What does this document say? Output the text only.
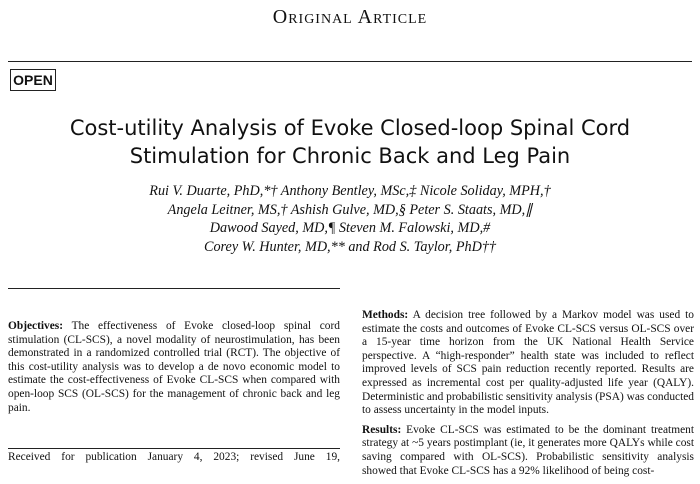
Original Article
OPEN
Cost-utility Analysis of Evoke Closed-loop Spinal Cord
Stimulation for Chronic Back and Leg Pain
Rui V. Duarte, PhD,*† Anthony Bentley, MSc,‡ Nicole Soliday, MPH,†
Angela Leitner, MS,† Ashish Gulve, MD,§ Peter S. Staats, MD,∥
Dawood Sayed, MD,¶ Steven M. Falowski, MD,#
Corey W. Hunter, MD,** and Rod S. Taylor, PhD††

Objectives: The effectiveness of Evoke closed-loop spinal cord stimulation (CL-SCS), a novel modality of neurostimulation, has been demonstrated in a randomized controlled trial (RCT). The objective of this cost-utility analysis was to develop a de novo economic model to estimate the cost-effectiveness of Evoke CL-SCS when compared with open-loop SCS (OL-SCS) for the management of chronic back and leg pain.

Methods: A decision tree followed by a Markov model was used to estimate the costs and outcomes of Evoke CL-SCS versus OL-SCS over a 15-year time horizon from the UK National Health Service perspective. A “high-responder” health state was included to reflect improved levels of SCS pain reduction recently reported. Results are expressed as incremental cost per quality-adjusted life year (QALY). Deterministic and probabilistic sensitivity analysis (PSA) was conducted to assess uncertainty in the model inputs.

Results: Evoke CL-SCS was estimated to be the dominant treatment strategy at ~5 years postimplant (ie, it generates more QALYs while cost saving compared with OL-SCS). Probabilistic sensitivity analysis showed that Evoke CL-SCS has a 92% likelihood of being cost-

Received for publication January 4, 2023; revised June 19,
